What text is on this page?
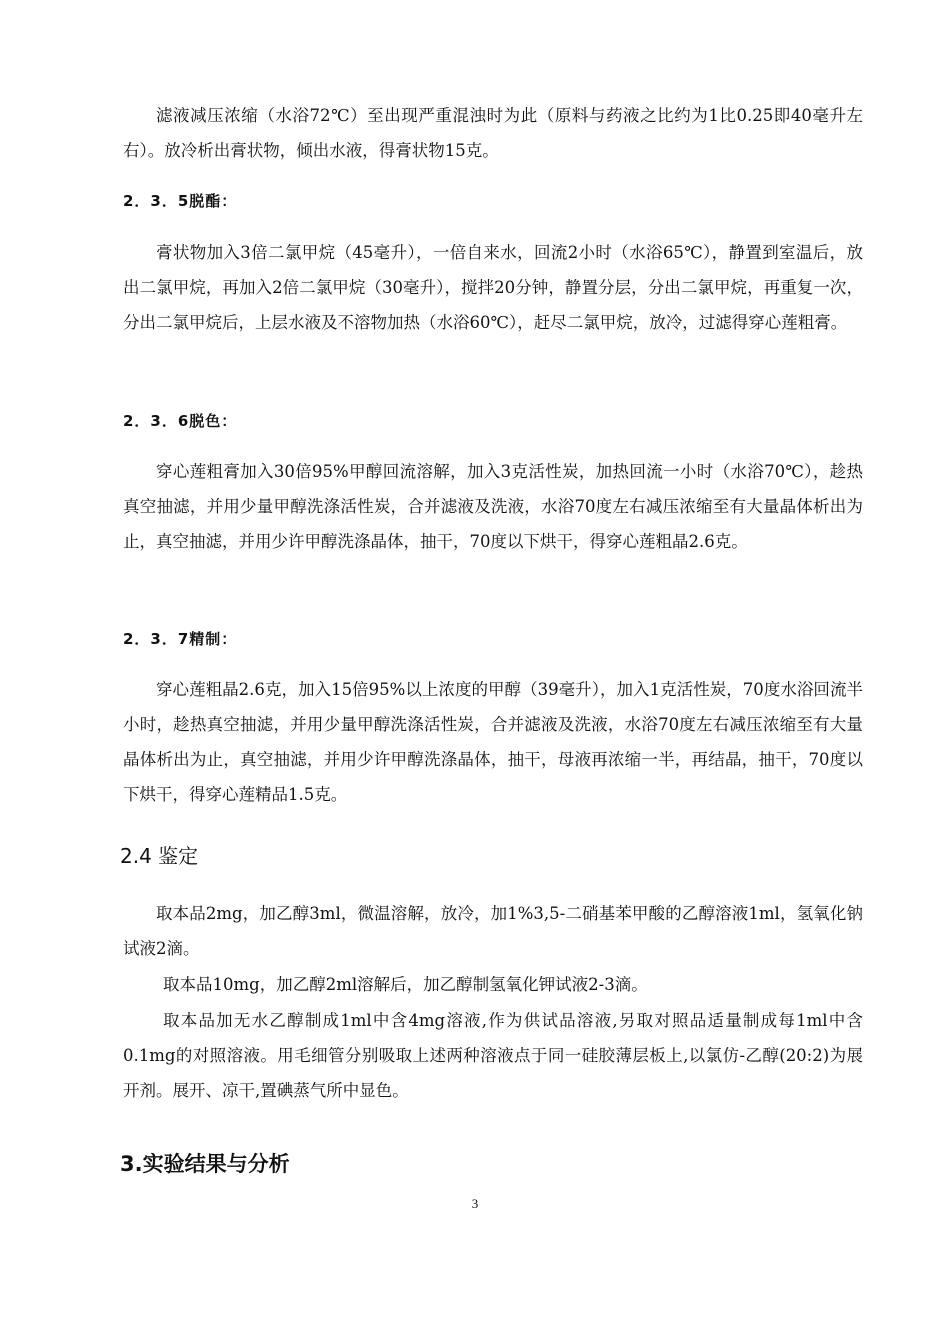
滤液减压浓缩（水浴72℃）至出现严重混浊时为此（原料与药液之比约为1比0.25即40毫升左右）。放冷析出膏状物，倾出水液，得膏状物15克。

2．3．5脱酯：

膏状物加入3倍二氯甲烷（45毫升），一倍自来水，回流2小时（水浴65℃），静置到室温后，放出二氯甲烷，再加入2倍二氯甲烷（30毫升），搅拌20分钟，静置分层，分出二氯甲烷，再重复一次，分出二氯甲烷后，上层水液及不溶物加热（水浴60℃），赶尽二氯甲烷，放冷，过滤得穿心莲粗膏。

2．3．6脱色：

穿心莲粗膏加入30倍95%甲醇回流溶解，加入3克活性炭，加热回流一小时（水浴70℃），趁热真空抽滤，并用少量甲醇洗涤活性炭，合并滤液及洗液，水浴70度左右减压浓缩至有大量晶体析出为止，真空抽滤，并用少许甲醇洗涤晶体，抽干，70度以下烘干，得穿心莲粗晶2.6克。

2．3．7精制：

穿心莲粗晶2.6克，加入15倍95%以上浓度的甲醇（39毫升），加入1克活性炭，70度水浴回流半小时，趁热真空抽滤，并用少量甲醇洗涤活性炭，合并滤液及洗液，水浴70度左右减压浓缩至有大量晶体析出为止，真空抽滤，并用少许甲醇洗涤晶体，抽干，母液再浓缩一半，再结晶，抽干，70度以下烘干，得穿心莲精品1.5克。

2.4 鉴定

取本品2mg，加乙醇3ml，微温溶解，放冷，加1%3,5-二硝基苯甲酸的乙醇溶液1ml，氢氧化钠试液2滴。

取本品10mg，加乙醇2ml溶解后，加乙醇制氢氧化钾试液2-3滴。

取本品加无水乙醇制成1ml中含4mg溶液,作为供试品溶液,另取对照品适量制成每1ml中含0.1mg的对照溶液。用毛细管分别吸取上述两种溶液点于同一硅胶薄层板上,以氯仿-乙醇(20:2)为展开剂。展开、凉干,置碘蒸气所中显色。

3.实验结果与分析
3
